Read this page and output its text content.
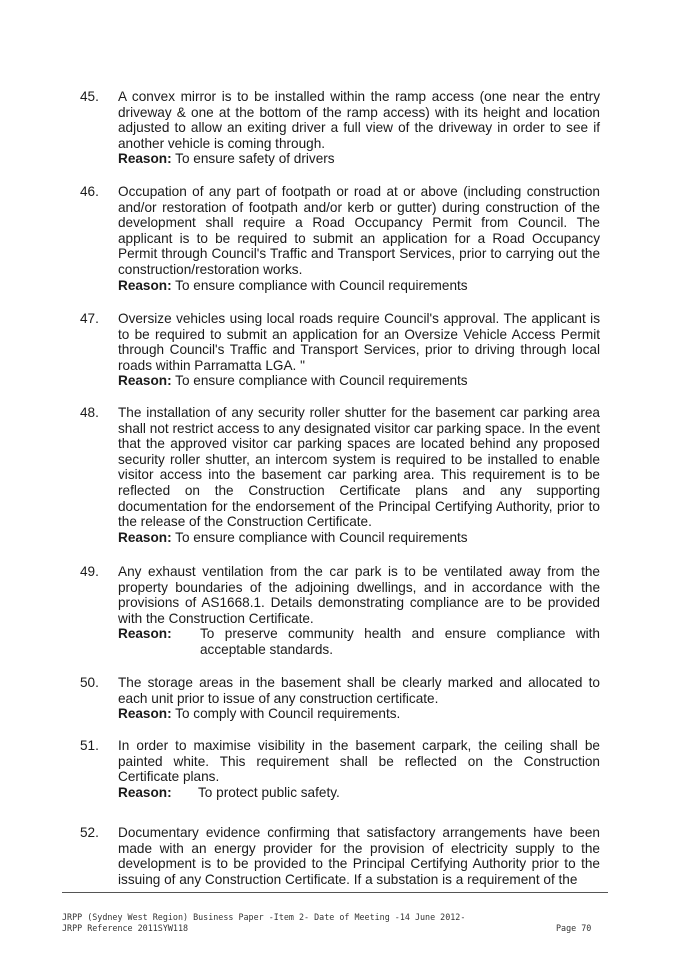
45. A convex mirror is to be installed within the ramp access (one near the entry driveway & one at the bottom of the ramp access) with its height and location adjusted to allow an exiting driver a full view of the driveway in order to see if another vehicle is coming through.
Reason: To ensure safety of drivers
46. Occupation of any part of footpath or road at or above (including construction and/or restoration of footpath and/or kerb or gutter) during construction of the development shall require a Road Occupancy Permit from Council. The applicant is to be required to submit an application for a Road Occupancy Permit through Council's Traffic and Transport Services, prior to carrying out the construction/restoration works.
Reason: To ensure compliance with Council requirements
47. Oversize vehicles using local roads require Council's approval. The applicant is to be required to submit an application for an Oversize Vehicle Access Permit through Council's Traffic and Transport Services, prior to driving through local roads within Parramatta LGA. "
Reason: To ensure compliance with Council requirements
48. The installation of any security roller shutter for the basement car parking area shall not restrict access to any designated visitor car parking space. In the event that the approved visitor car parking spaces are located behind any proposed security roller shutter, an intercom system is required to be installed to enable visitor access into the basement car parking area. This requirement is to be reflected on the Construction Certificate plans and any supporting documentation for the endorsement of the Principal Certifying Authority, prior to the release of the Construction Certificate.
Reason: To ensure compliance with Council requirements
49. Any exhaust ventilation from the car park is to be ventilated away from the property boundaries of the adjoining dwellings, and in accordance with the provisions of AS1668.1. Details demonstrating compliance are to be provided with the Construction Certificate.
Reason:	To preserve community health and ensure compliance with acceptable standards.
50. The storage areas in the basement shall be clearly marked and allocated to each unit prior to issue of any construction certificate.
Reason: To comply with Council requirements.
51. In order to maximise visibility in the basement carpark, the ceiling shall be painted white. This requirement shall be reflected on the Construction Certificate plans.
Reason:	To protect public safety.
52. Documentary evidence confirming that satisfactory arrangements have been made with an energy provider for the provision of electricity supply to the development is to be provided to the Principal Certifying Authority prior to the issuing of any Construction Certificate. If a substation is a requirement of the
JRPP (Sydney West Region) Business Paper -Item 2- Date of Meeting -14 June 2012-
JRPP Reference 2011SYW118	Page 70
